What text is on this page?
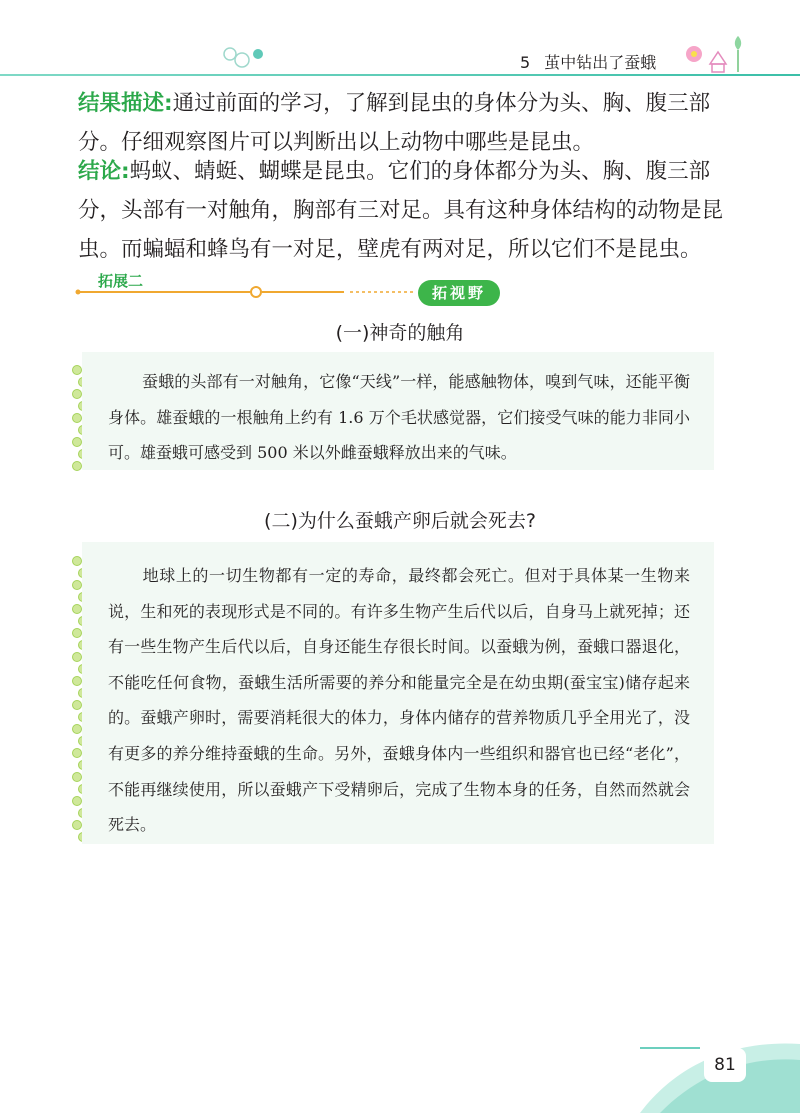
5 茧中钻出了蚕蛾

结果描述:通过前面的学习，了解到昆虫的身体分为头、胸、腹三部分。仔细观察图片可以判断出以上动物中哪些是昆虫。

结论:蚂蚁、蜻蜓、蝴蝶是昆虫。它们的身体都分为头、胸、腹三部分，头部有一对触角，胸部有三对足。具有这种身体结构的动物是昆虫。而蝙蝠和蜂鸟有一对足，壁虎有两对足，所以它们不是昆虫。

拓展二
拓视野
(一)神奇的触角

蚕蛾的头部有一对触角，它像“天线”一样，能感触物体，嗅到气味，还能平衡身体。雄蚕蛾的一根触角上约有 1.6 万个毛状感觉器，它们接受气味的能力非同小可。雄蚕蛾可感受到 500 米以外雌蚕蛾释放出来的气味。

(二)为什么蚕蛾产卵后就会死去?

地球上的一切生物都有一定的寿命，最终都会死亡。但对于具体某一生物来说，生和死的表现形式是不同的。有许多生物产生后代以后，自身马上就死掉；还有一些生物产生后代以后，自身还能生存很长时间。以蚕蛾为例，蚕蛾口器退化，不能吃任何食物，蚕蛾生活所需要的养分和能量完全是在幼虫期(蚕宝宝)储存起来的。蚕蛾产卵时，需要消耗很大的体力，身体内储存的营养物质几乎全用光了，没有更多的养分维持蚕蛾的生命。另外，蚕蛾身体内一些组织和器官也已经“老化”，不能再继续使用，所以蚕蛾产下受精卵后，完成了生物本身的任务，自然而然就会死去。

81
